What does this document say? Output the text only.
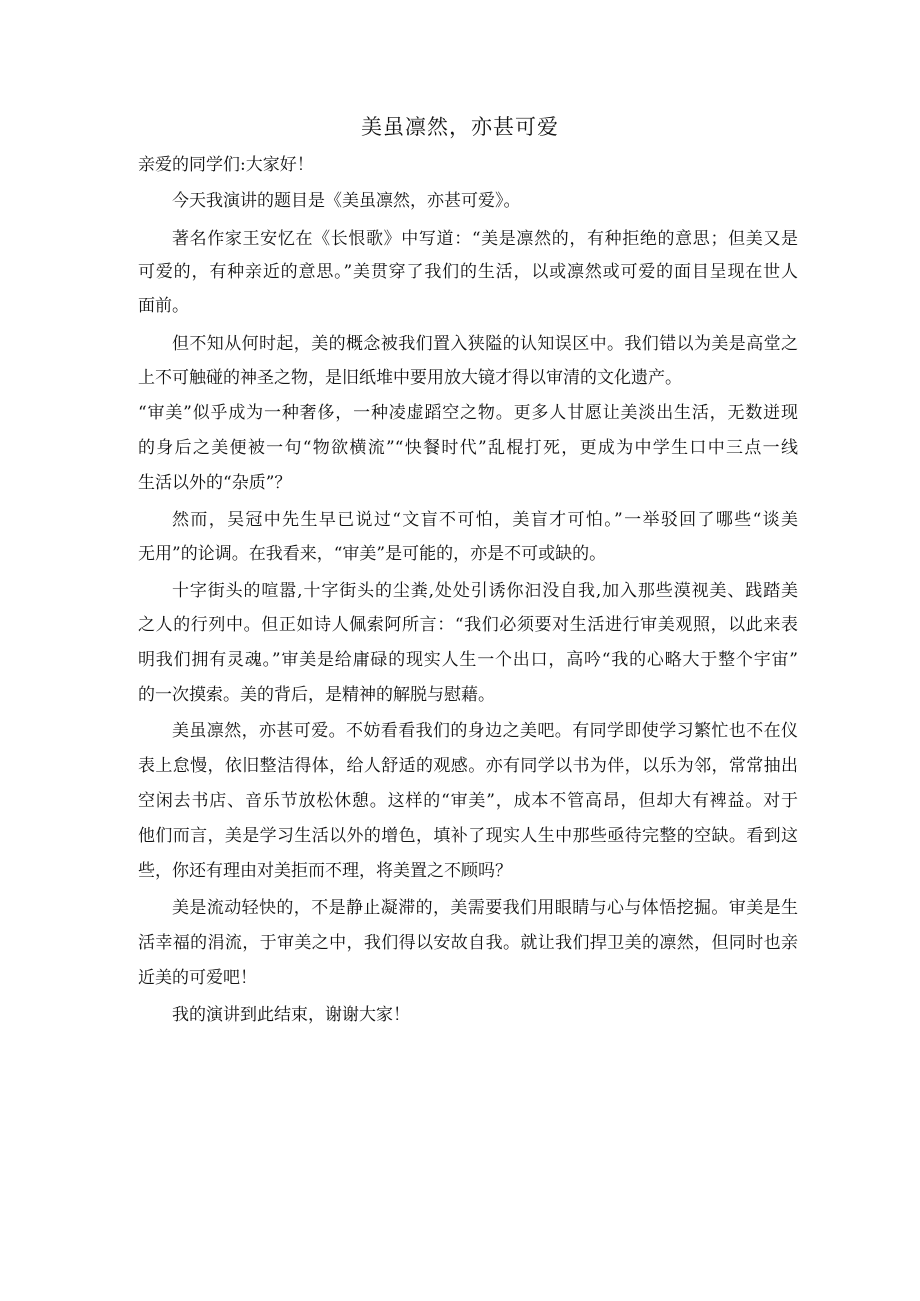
美虽凛然，亦甚可爱
亲爱的同学们:大家好！
今天我演讲的题目是《美虽凛然，亦甚可爱》。
著名作家王安忆在《长恨歌》中写道：“美是凛然的，有种拒绝的意思；但美又是
可爱的，有种亲近的意思。”美贯穿了我们的生活，以或凛然或可爱的面目呈现在世人
面前。
但不知从何时起，美的概念被我们置入狭隘的认知误区中。我们错以为美是高堂之
上不可触碰的神圣之物，是旧纸堆中要用放大镜才得以审清的文化遗产。
“审美”似乎成为一种奢侈，一种凌虚蹈空之物。更多人甘愿让美淡出生活，无数迸现
的身后之美便被一句“物欲横流”“快餐时代”乱棍打死，更成为中学生口中三点一线
生活以外的“杂质”？
然而，吴冠中先生早已说过“文盲不可怕，美盲才可怕。”一举驳回了哪些“谈美
无用”的论调。在我看来，“审美”是可能的，亦是不可或缺的。
十字街头的喧嚣,十字街头的尘粪,处处引诱你汩没自我,加入那些漠视美、践踏美
之人的行列中。但正如诗人佩索阿所言：“我们必须要对生活进行审美观照，以此来表
明我们拥有灵魂。”审美是给庸碌的现实人生一个出口，高吟“我的心略大于整个宇宙”
的一次摸索。美的背后，是精神的解脱与慰藉。
美虽凛然，亦甚可爱。不妨看看我们的身边之美吧。有同学即使学习繁忙也不在仪
表上怠慢，依旧整洁得体，给人舒适的观感。亦有同学以书为伴，以乐为邻，常常抽出
空闲去书店、音乐节放松休憩。这样的“审美”，成本不管高昂，但却大有裨益。对于
他们而言，美是学习生活以外的增色，填补了现实人生中那些亟待完整的空缺。看到这
些，你还有理由对美拒而不理，将美置之不顾吗？
美是流动轻快的，不是静止凝滞的，美需要我们用眼睛与心与体悟挖掘。审美是生
活幸福的涓流，于审美之中，我们得以安故自我。就让我们捍卫美的凛然，但同时也亲
近美的可爱吧！
我的演讲到此结束，谢谢大家！
